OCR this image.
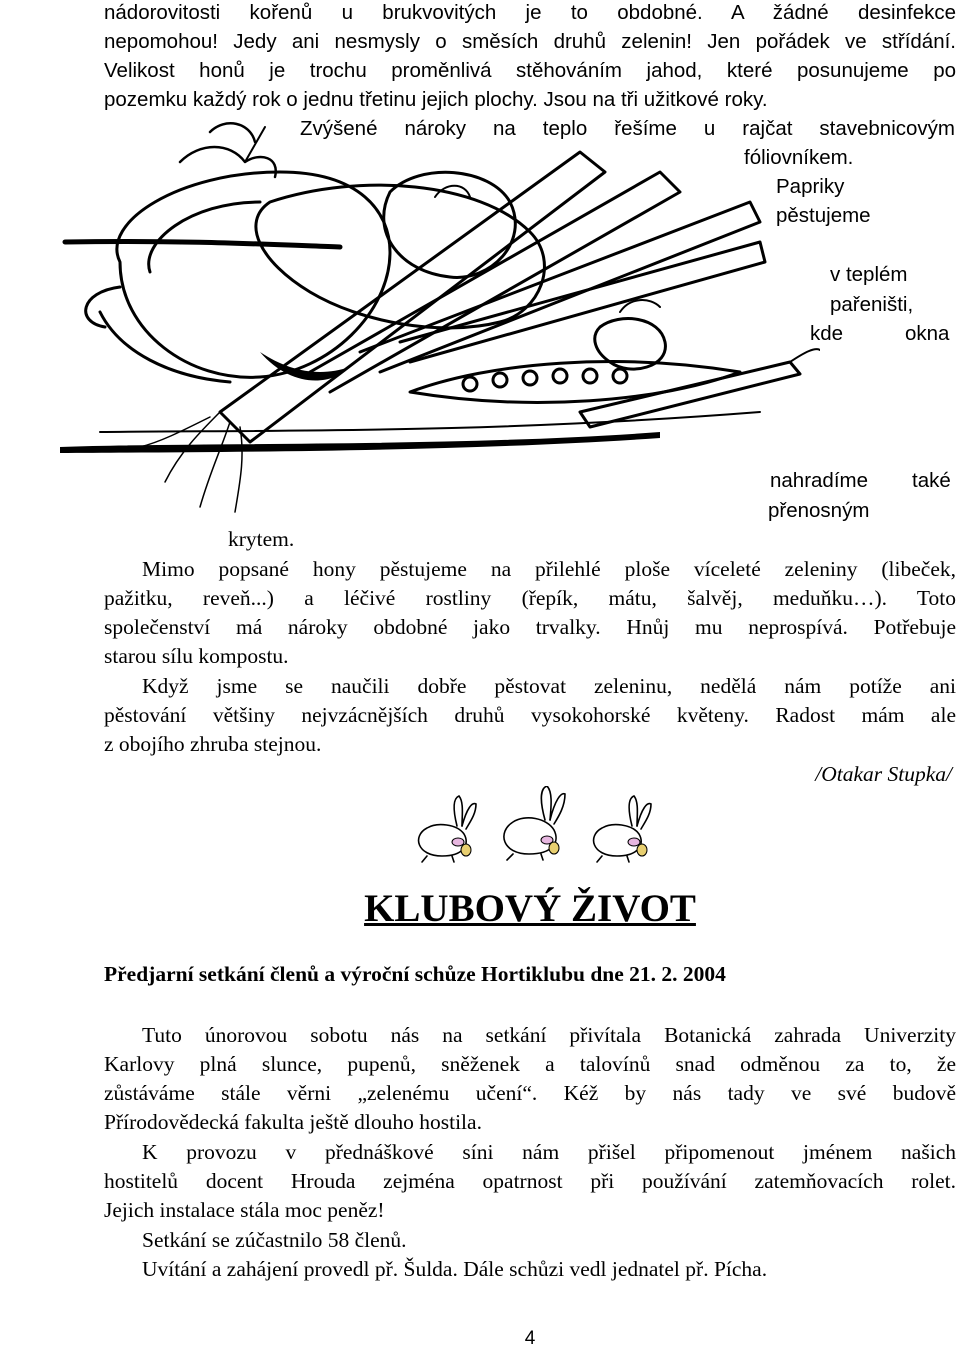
nádorovitosti kořenů u brukvovitých je to obdobné. A žádné desinfekce
nepomohou! Jedy ani nesmysly o směsích druhů zelenin! Jen pořádek ve střídání.
Velikost honů je trochu proměnlivá stěhováním jahod, které posunujeme po
pozemku každý rok o jednu třetinu jejich plochy. Jsou na tři užitkové roky.
Zvýšené nároky na teplo řešíme u rajčat stavebnicovým
fóliovníkem.
Papriky
pěstujeme
v teplém
pařeništi,
kde	okna
nahradíme také
přenosným
krytem.
Mimo popsané hony pěstujeme na přilehlé ploše víceleté zeleniny (libeček,
pažitku, reveň...) a léčivé rostliny (řepík, mátu, šalvěj, meduňku…). Toto
společenství má nároky obdobné jako trvalky. Hnůj mu neprospívá. Potřebuje
starou sílu kompostu.
Když jsme se naučili dobře pěstovat zeleninu, nedělá nám potíže ani
pěstování většiny nejvzácnějších druhů vysokohorské květeny. Radost mám ale
z obojího zhruba stejnou.
/Otakar Stupka/
KLUBOVÝ ŽIVOT
Předjarní setkání členů a výroční schůze Hortiklubu dne 21. 2. 2004
Tuto únorovou sobotu nás na setkání přivítala Botanická zahrada Univerzity
Karlovy plná slunce, pupenů, sněženek a talovínů snad odměnou za to, že
zůstáváme stále věrni „zelenému učení“. Kéž by nás tady ve své budově
Přírodovědecká fakulta ještě dlouho hostila.
K provozu v přednáškové síni nám přišel připomenout jménem našich
hostitelů docent Hrouda zejména opatrnost při používání zatemňovacích rolet.
Jejich instalace stála moc peněz!
Setkání se zúčastnilo 58 členů.
Uvítání a zahájení provedl př. Šulda. Dále schůzi vedl jednatel př. Pícha.
4
